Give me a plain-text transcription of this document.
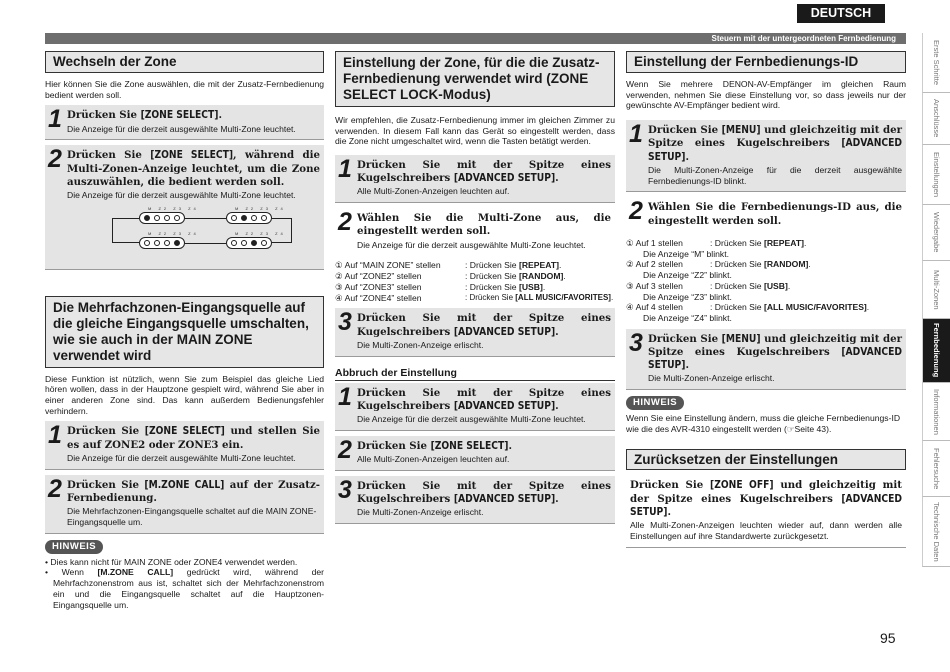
DEUTSCH
Steuern mit der untergeordneten Fernbedienung
Erste Schritte
Anschlüsse
Einstellungen
Wiedergabe
Multi-Zonen
Fernbedienung
Informationen
Fehlersuche
Technische Daten
Wechseln der Zone
Hier können Sie die Zone auswählen, die mit der Zusatz-Fernbedienung bedient werden soll.
1 Drücken Sie [ZONE SELECT].
Die Anzeige für die derzeit ausgewählte Multi-Zone leuchtet.
2 Drücken Sie [ZONE SELECT], während die Multi-Zonen-Anzeige leuchtet, um die Zone auszuwählen, die bedient werden soll.
Die Anzeige für die derzeit ausgewählte Multi-Zone leuchtet.
M Z2 Z3 Z4	M Z2 Z3 Z4
M Z2 Z3 Z4	M Z2 Z3 Z4
Die Mehrfachzonen-Eingangsquelle auf die gleiche Eingangsquelle umschalten, wie sie auch in der MAIN ZONE verwendet wird
Diese Funktion ist nützlich, wenn Sie zum Beispiel das gleiche Lied hören wollen, dass in der Hauptzone gespielt wird, während Sie aber in einer anderen Zone sind. Das kann außerdem Bedienungsfehler verhindern.
1 Drücken Sie [ZONE SELECT] und stellen Sie es auf ZONE2 oder ZONE3 ein.
Die Anzeige für die derzeit ausgewählte Multi-Zone leuchtet.
2 Drücken Sie [M.ZONE CALL] auf der Zusatz-Fernbedienung.
Die Mehrfachzonen-Eingangsquelle schaltet auf die MAIN ZONE-Eingangsquelle um.
HINWEIS
• Dies kann nicht für MAIN ZONE oder ZONE4 verwendet werden.
• Wenn [M.ZONE CALL] gedrückt wird, während der Mehrfachzonenstrom aus ist, schaltet sich der Mehrfachzonenstrom ein und die Eingangsquelle schaltet auf die Hauptzonen-Eingangsquelle um.
Einstellung der Zone, für die die Zusatz-Fernbedienung verwendet wird (ZONE SELECT LOCK-Modus)
Wir empfehlen, die Zusatz-Fernbedienung immer im gleichen Zimmer zu verwenden. In diesem Fall kann das Gerät so eingestellt werden, dass die Zone nicht umgeschaltet wird, wenn die Tasten betätigt werden.
1 Drücken Sie mit der Spitze eines Kugelschreibers [ADVANCED SETUP].
Alle Multi-Zonen-Anzeigen leuchten auf.
2 Wählen Sie die Multi-Zone aus, die eingestellt werden soll.
Die Anzeige für die derzeit ausgewählte Multi-Zone leuchtet.
① Auf “MAIN ZONE” stellen	: Drücken Sie [REPEAT].
② Auf “ZONE2” stellen	: Drücken Sie [RANDOM].
③ Auf “ZONE3” stellen	: Drücken Sie [USB].
④ Auf “ZONE4” stellen	: Drücken Sie [ALL MUSIC/FAVORITES].
3 Drücken Sie mit der Spitze eines Kugelschreibers [ADVANCED SETUP].
Die Multi-Zonen-Anzeige erlischt.
Abbruch der Einstellung
1 Drücken Sie mit der Spitze eines Kugelschreibers [ADVANCED SETUP].
Die Anzeige für die derzeit ausgewählte Multi-Zone leuchtet.
2 Drücken Sie [ZONE SELECT].
Alle Multi-Zonen-Anzeigen leuchten auf.
3 Drücken Sie mit der Spitze eines Kugelschreibers [ADVANCED SETUP].
Die Multi-Zonen-Anzeige erlischt.
Einstellung der Fernbedienungs-ID
Wenn Sie mehrere DENON-AV-Empfänger im gleichen Raum verwenden, nehmen Sie diese Einstellung vor, so dass jeweils nur der gewünschte AV-Empfänger bedient wird.
1 Drücken Sie [MENU] und gleichzeitig mit der Spitze eines Kugelschreibers [ADVANCED SETUP].
Die Multi-Zonen-Anzeige für die derzeit ausgewählte Fernbedienungs-ID blinkt.
2 Wählen Sie die Fernbedienungs-ID aus, die eingestellt werden soll.
① Auf 1 stellen	: Drücken Sie [REPEAT].
Die Anzeige “M” blinkt.
② Auf 2 stellen	: Drücken Sie [RANDOM].
Die Anzeige “Z2” blinkt.
③ Auf 3 stellen	: Drücken Sie [USB].
Die Anzeige “Z3” blinkt.
④ Auf 4 stellen	: Drücken Sie [ALL MUSIC/FAVORITES].
Die Anzeige “Z4” blinkt.
3 Drücken Sie [MENU] und gleichzeitig mit der Spitze eines Kugelschreibers [ADVANCED SETUP].
Die Multi-Zonen-Anzeige erlischt.
HINWEIS
Wenn Sie eine Einstellung ändern, muss die gleiche Fernbedienungs-ID wie die des AVR-4310 eingestellt werden (☞Seite 43).
Zurücksetzen der Einstellungen
Drücken Sie [ZONE OFF] und gleichzeitig mit der Spitze eines Kugelschreibers [ADVANCED SETUP].
Alle Multi-Zonen-Anzeigen leuchten wieder auf, dann werden alle Einstellungen auf ihre Standardwerte zurückgesetzt.
95
